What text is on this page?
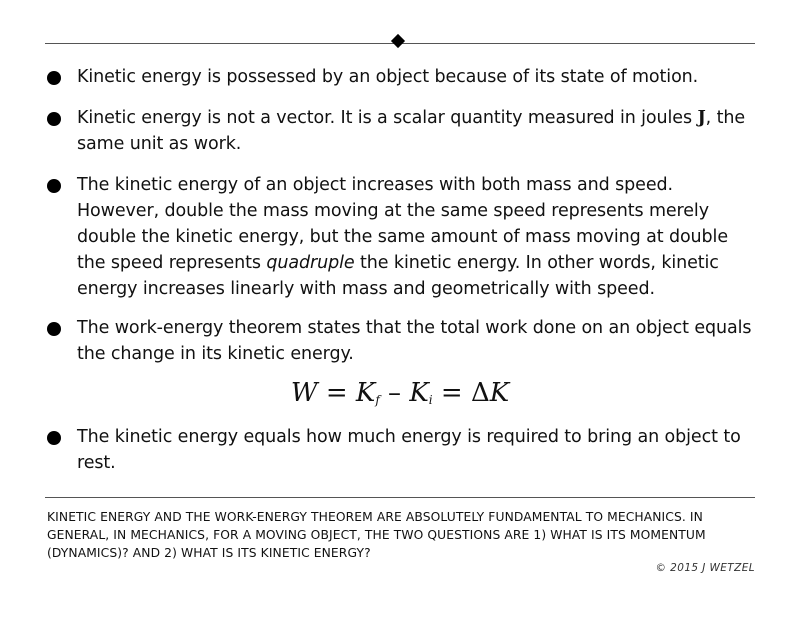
Kinetic energy is possessed by an object because of its state of motion.
Kinetic energy is not a vector. It is a scalar quantity measured in joules J, the same unit as work.
The kinetic energy of an object increases with both mass and speed. However, double the mass moving at the same speed represents merely double the kinetic energy, but the same amount of mass moving at double the speed represents quadruple the kinetic energy. In other words, kinetic energy increases linearly with mass and geometrically with speed.
The work-energy theorem states that the total work done on an object equals the change in its kinetic energy.
$W = K_f - K_i = \Delta K$
The kinetic energy equals how much energy is required to bring an object to rest.
KINETIC ENERGY AND THE WORK-ENERGY THEOREM ARE ABSOLUTELY FUNDAMENTAL TO MECHANICS. IN GENERAL, IN MECHANICS, FOR A MOVING OBJECT, THE TWO QUESTIONS ARE 1) WHAT IS ITS MOMENTUM (DYNAMICS)? AND 2) WHAT IS ITS KINETIC ENERGY?
© 2015 J WETZEL
